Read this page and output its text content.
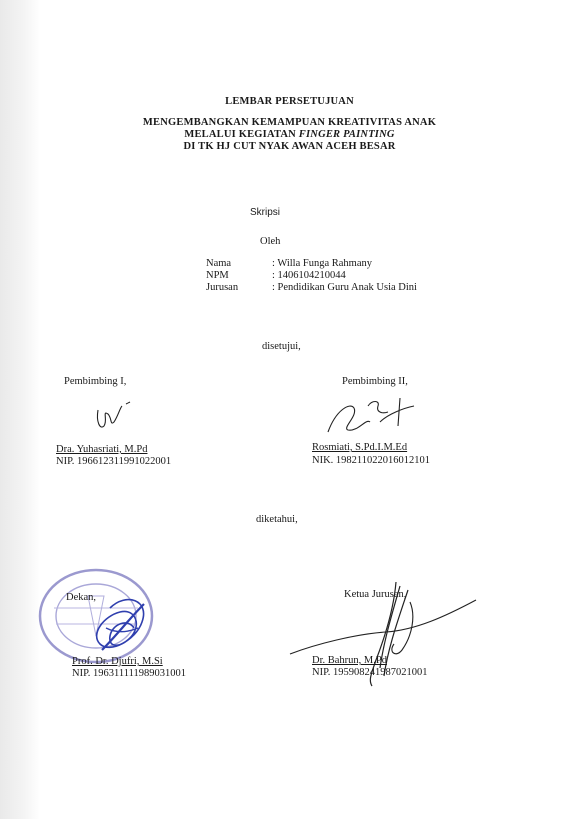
LEMBAR PERSETUJUAN
MENGEMBANGKAN KEMAMPUAN KREATIVITAS ANAK
MELALUI KEGIATAN FINGER PAINTING
DI TK HJ CUT NYAK AWAN ACEH BESAR
Skripsi
Oleh
Nama	: Willa Funga Rahmany
NPM	: 1406104210044
Jurusan	: Pendidikan Guru Anak Usia Dini
disetujui,
Pembimbing I,
Dra. Yuhasriati, M.Pd
NIP. 196612311991022001
Pembimbing II,
Rosmiati, S.Pd.I.M.Ed
NIK. 198211022016012101
diketahui,
Dekan,
Prof. Dr. Djufri, M.Si
NIP. 196311111989031001
Ketua Jurusan,
Dr. Bahrun, M.Pd
NIP. 195908241987021001
